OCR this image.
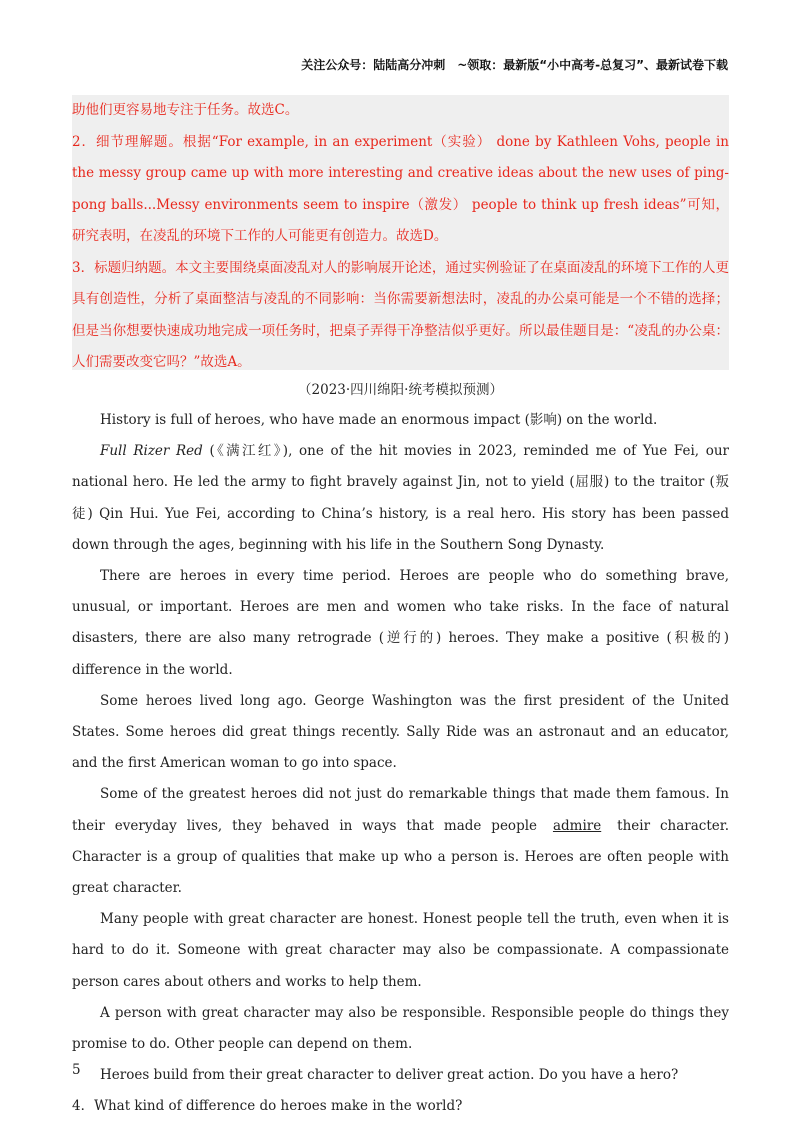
关注公众号：陆陆高分冲刺　~领取：最新版“小中高考-总复习”、最新试卷下载

助他们更容易地专注于任务。故选C。

2．细节理解题。根据“For example, in an experiment（实验） done by Kathleen Vohs, people in the messy group came up with more interesting and creative ideas about the new uses of ping-pong balls...Messy environments seem to inspire（激发） people to think up fresh ideas”可知，研究表明，在凌乱的环境下工作的人可能更有创造力。故选D。

3．标题归纳题。本文主要围绕桌面凌乱对人的影响展开论述，通过实例验证了在桌面凌乱的环境下工作的人更具有创造性，分析了桌面整洁与凌乱的不同影响：当你需要新想法时，凌乱的办公桌可能是一个不错的选择；但是当你想要快速成功地完成一项任务时，把桌子弄得干净整洁似乎更好。所以最佳题目是：“凌乱的办公桌：人们需要改变它吗？”故选A。

（2023·四川绵阳·统考模拟预测）

History is full of heroes, who have made an enormous impact (影响) on the world.

Full Rizer Red (《满江红》), one of the hit movies in 2023, reminded me of Yue Fei, our national hero. He led the army to fight bravely against Jin, not to yield (屈服) to the traitor (叛徒) Qin Hui. Yue Fei, according to China’s history, is a real hero. His story has been passed down through the ages, beginning with his life in the Southern Song Dynasty.

There are heroes in every time period. Heroes are people who do something brave, unusual, or important. Heroes are men and women who take risks. In the face of natural disasters, there are also many retrograde (逆行的) heroes. They make a positive (积极的) difference in the world.

Some heroes lived long ago. George Washington was the first president of the United States. Some heroes did great things recently. Sally Ride was an astronaut and an educator, and the first American woman to go into space.

Some of the greatest heroes did not just do remarkable things that made them famous. In their everyday lives, they behaved in ways that made people admire their character. Character is a group of qualities that make up who a person is. Heroes are often people with great character.

Many people with great character are honest. Honest people tell the truth, even when it is hard to do it. Someone with great character may also be compassionate. A compassionate person cares about others and works to help them.

A person with great character may also be responsible. Responsible people do things they promise to do. Other people can depend on them.

Heroes build from their great character to deliver great action. Do you have a hero?

4．What kind of difference do heroes make in the world?

5
